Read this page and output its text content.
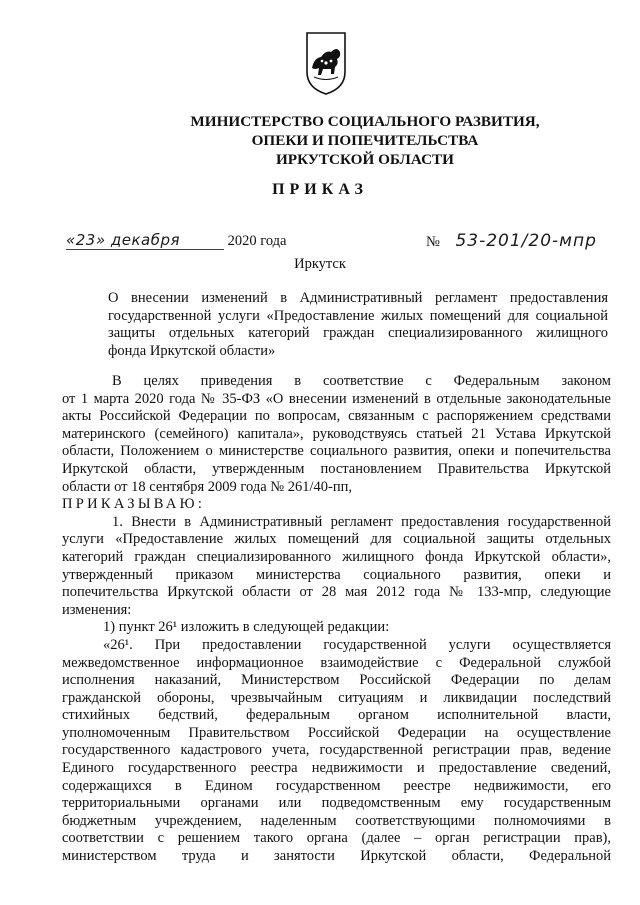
МИНИСТЕРСТВО СОЦИАЛЬНОГО РАЗВИТИЯ,
ОПЕКИ И ПОПЕЧИТЕЛЬСТВА
ИРКУТСКОЙ ОБЛАСТИ
ПРИКАЗ
«23» декабря	2020 года	№ 53-201/20-мпр
Иркутск
О внесении изменений в Административный регламент предоставления
государственной услуги «Предоставление жилых помещений для социальной
защиты отдельных категорий граждан специализированного жилищного
фонда Иркутской области»
В целях приведения в соответствие с Федеральным законом
от 1 марта 2020 года № 35-ФЗ «О внесении изменений в отдельные законодательные
акты Российской Федерации по вопросам, связанным с распоряжением средствами
материнского (семейного) капитала», руководствуясь статьей 21 Устава Иркутской
области, Положением о министерстве социального развития, опеки и попечительства
Иркутской области, утвержденным постановлением Правительства Иркутской
области от 18 сентября 2009 года № 261/40-пп,
ПРИКАЗЫВАЮ:
1. Внести в Административный регламент предоставления государственной
услуги «Предоставление жилых помещений для социальной защиты отдельных
категорий граждан специализированного жилищного фонда Иркутской области»,
утвержденный приказом министерства социального развития, опеки и
попечительства Иркутской области от 28 мая 2012 года № 133-мпр, следующие
изменения:
1) пункт 26¹ изложить в следующей редакции:
«26¹. При предоставлении государственной услуги осуществляется
межведомственное информационное взаимодействие с Федеральной службой
исполнения наказаний, Министерством Российской Федерации по делам
гражданской обороны, чрезвычайным ситуациям и ликвидации последствий
стихийных бедствий, федеральным органом исполнительной власти,
уполномоченным Правительством Российской Федерации на осуществление
государственного кадастрового учета, государственной регистрации прав, ведение
Единого государственного реестра недвижимости и предоставление сведений,
содержащихся в Едином государственном реестре недвижимости, его
территориальными органами или подведомственным ему государственным
бюджетным учреждением, наделенным соответствующими полномочиями в
соответствии с решением такого органа (далее – орган регистрации прав),
министерством труда и занятости Иркутской области, Федеральной
